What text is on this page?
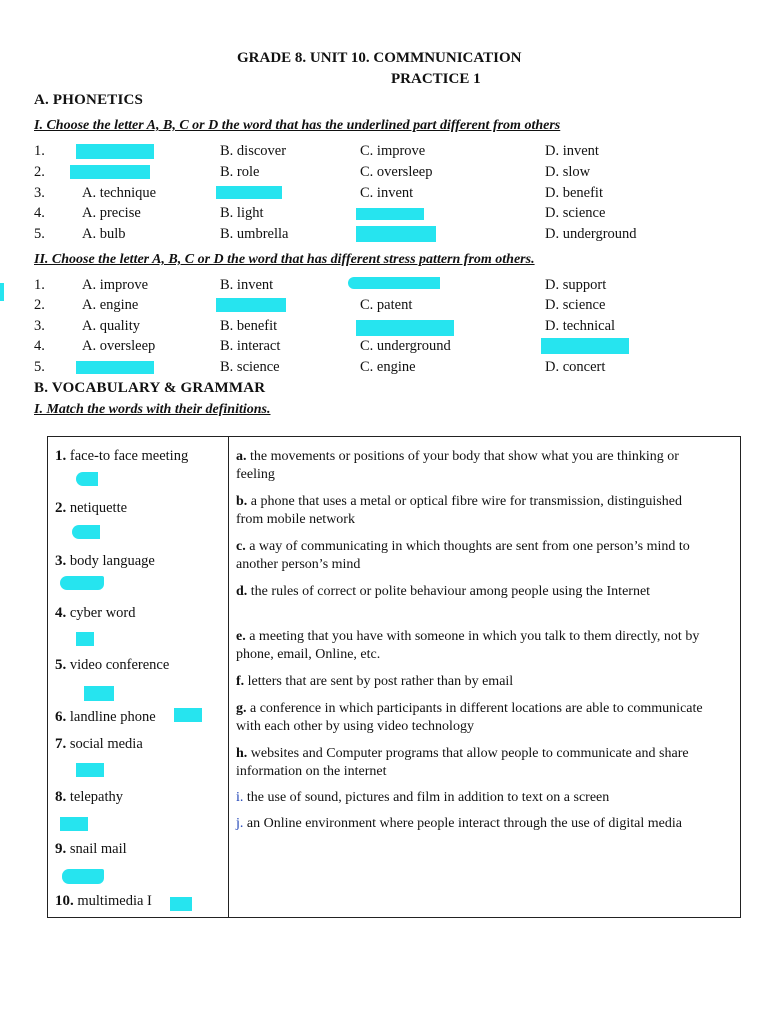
GRADE 8. UNIT 10. COMMNUNICATION
PRACTICE 1
A. PHONETICS
I. Choose the letter A, B, C or D the word that has the underlined part different from others
1.	B. discover	C. improve	D. invent
2.	B. role	C. oversleep	D. slow
3.	A. technique	C. invent	D. benefit
4.	A. precise	B. light	D. science
5.	A. bulb	B. umbrella	D. underground
II. Choose the letter A, B, C or D the word that has different stress pattern from others.
1.	A. improve	B. invent	D. support
2.	A. engine	C. patent	D. science
3.	A. quality	B. benefit	D. technical
4.	A. oversleep	B. interact	C. underground
5.	B. science	C. engine	D. concert
B. VOCABULARY & GRAMMAR
I. Match the words with their definitions.
1. face-to face meeting
2. netiquette
3. body language
4. cyber word
5. video conference
6. landline phone
7. social media
8. telepathy
9. snail mail
10. multimedia I
a. the movements or positions of your body that show what you are thinking or feeling
b. a phone that uses a metal or optical fibre wire for transmission, distinguished from mobile network
c. a way of communicating in which thoughts are sent from one person’s mind to another person’s mind
d. the rules of correct or polite behaviour among people using the Internet
e. a meeting that you have with someone in which you talk to them directly, not by phone, email, Online, etc.
f. letters that are sent by post rather than by email
g. a conference in which participants in different locations are able to communicate with each other by using video technology
h. websites and Computer programs that allow people to communicate and share information on the internet
i. the use of sound, pictures and film in addition to text on a screen
j. an Online environment where people interact through the use of digital media
